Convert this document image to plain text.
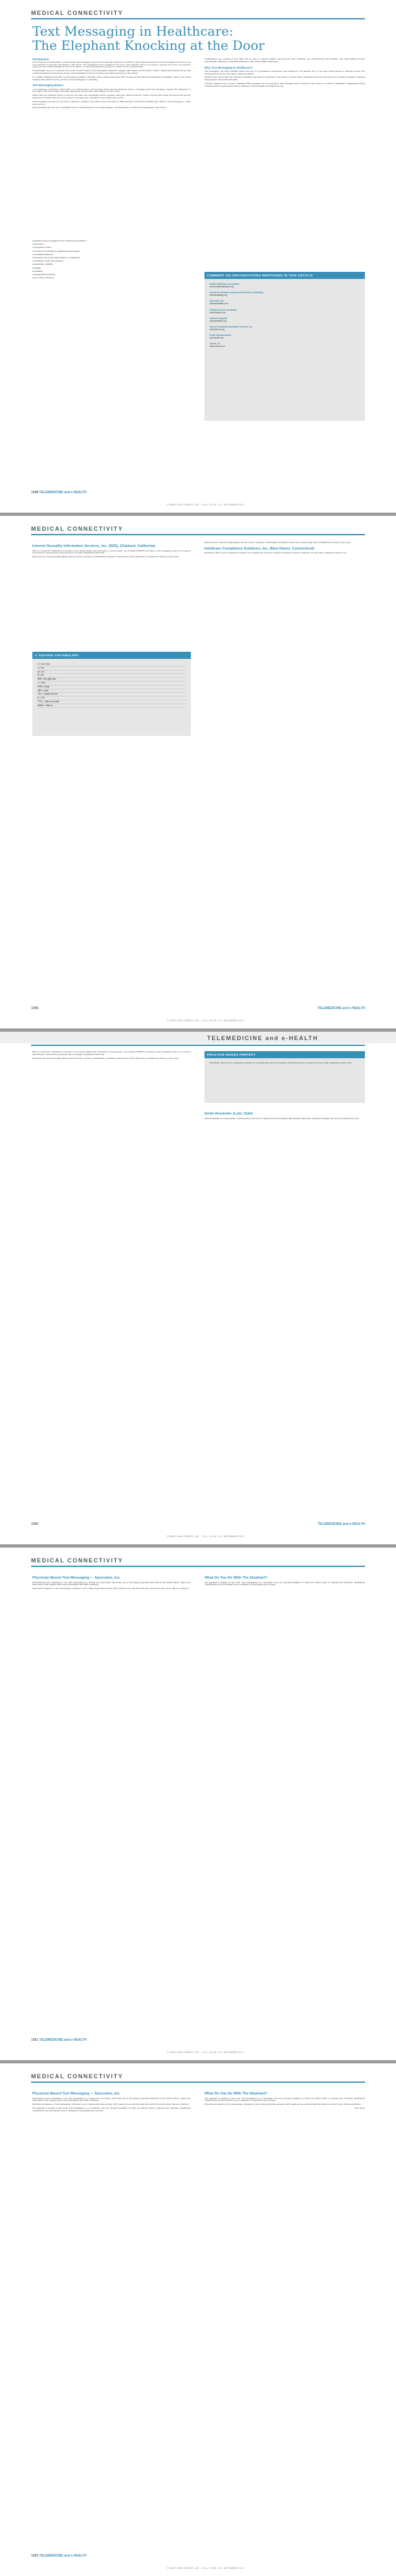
MEDICAL CONNECTIVITY
Text Messaging in Healthcare:
The Elephant Knocking at the Door
Introduction

As discussions of telemedicine, mobile health, and messaging, also more technically referred to as SMS for Short Message Service, find the elephant in the room, the one everybody is ignoring and afraid to talk about. Text messaging is the elephant in the room, and everyone knows it is trying to get into the room, but nobody's quite sure how it'll fit through the door, how big it is, or what exactly they're going to do with it once it gets through.

Consumerism, the U.S. to lead the rest of the world in terms of text messaging. Research company ABI, Kagan, and Forrester conduct studies that indicate the growth of text messaging across all age groups. Text messaging is the most widely used data application on the planet.

It is further estimated that 80% of the global population currently owns a mobile phone and 90% of those phones have text messaging capabilities. Here's one recent headline that stated how the growth of text messaging is continuing.

Text Messaging Basics

A text message, sometimes called SMS, is a communication protocol that allows mobile telephone users to exchange short text messages, usually 160 characters or less. SMS is the most widely used data application in the world, with billions of active users.

While there are different types of services, the basic text messaging service operates using the cellular network. Newer services have been developed that use the data network rather than the voice network, and these are considered more reliable and secure.

Text messaging can also be sent from computers, websites, and other sources through an SMS gateway. This allows hospitals and clinics to send messages to many users at once.

Text messaging has become a dominant form of communication across demographics, and healthcare providers are beginning to take notice.

Organizations are looking at how SMS can be used to improve health outcomes and how clinicians can communicate with patients. The opportunities include appointment reminders, medication adherence, and public health campaigns.

Why Text Messaging In Healthcare?

Text messaging can reach patients where they are. It is immediate, inexpensive, and ubiquitous. For patients who do not have smart phones or internet access, text messaging may be the only digital channel available.

Studies have shown that text message reminders can improve attendance and reduce no-show rates. Programs have been developed for smoking cessation, diabetes management, and maternal health.

Security remains a key concern. Standard SMS messages are not encrypted, and messages may be stored on the devices of carriers. Healthcare organizations must consider privacy requirements before sending protected health information by text.

■ Reached across demographic lines; underserved populations
■ Convenient
■ Inexpensive to send
■ Two-way communications; engagement opportunities
■ Immediately delivered
■ Sometimes, but not just dissemination or engagement
■ Immediacy of action and response
■ Measurable, trackable
■ Reliable
■ Probability
■ Geographical positioning
■ Very mobile; cell phone
COMMENT ON ORGANIZATIONS MENTIONED IN THIS ARTICLE
Mobile Healthcare Association
www.mobilehealthcare.org
Centers for Disease Control and Prevention Text4baby
www.text4baby.org
Epocrates, Inc.
www.epocrates.com
Infoline Services and Media
www.infoline.com
Imdreem Hospital
www.imdreem.org
Internet Sexuality Information Services, Inc.
www.isis-inc.org
Smith Parmaceuticals
www.smith.com
Voxiva, Inc.
www.voxiva.com
1048 TELEMEDICINE and e-HEALTH
© MARY ANN LIEBERT, INC. • VOL. 16 NO. 10 • DECEMBER 2010
MEDICAL CONNECTIVITY
Internet Sexuality Information Services, Inc. (ISIS), (Oakland, California)

ISIS is a nonprofit organization focusing on the sexual health and well-being of young people. Its program SEXINFO provides a text messaging service for teens in San Francisco that answers questions about sexually transmitted infections.

Responses are delivered immediately and the service operates confidentially. Evaluation results have shown high rates of satisfaction among young users.

A TEXTING VOCABULARY
2 = To or Two
4 = For
@ = At
B = Be
BRB = Be right back
C = See
GR8 = Great
L8R = Later
LOL = Laugh out loud
U = You
TTYL = Talk to you later
WAN2 = Want to

Responses are delivered immediately and the service operates confidentially. Evaluation results have shown high rates of satisfaction among young users.

Intellicare Compliance Solutions, Inc. (New Haven, Connecticut)

Intellicare offers secure messaging solutions for hospitals and practices, helping clinicians respond to patients via text using compliance-aware tools.

TELEMEDICINE and e-HEALTH
1049
© MARY ANN LIEBERT, INC. • VOL. 16 NO. 10 • DECEMBER 2010
TELEMEDICINE and e-HEALTH

ISIS is a nonprofit organization focusing on the sexual health and well-being of young people. Its program SEXINFO provides a text messaging service for teens in San Francisco that answers questions about sexually transmitted infections.

Responses are delivered immediately and the service operates confidentially. Evaluation results have shown high rates of satisfaction among young users.

PRACTICE MAKES PERFECT
Intellicare offers secure messaging solutions for hospitals and practices, helping clinicians respond to patients via text using compliance-aware tools.
Smile Reminder (Lehi, Utah)

Smile Reminder provides patient communication services for dental practices including appointment reminders, birthday messages, and surveys delivered by text.

TELEMEDICINE and e-HEALTH
1050
© MARY ANN LIEBERT, INC. • VOL. 16 NO. 10 • DECEMBER 2010
MEDICAL CONNECTIVITY
Physician-Based Text Messaging — Epocrates, Inc.

Physicians are also beginning to use text messaging as a clinical tool. Epocrates, which has one of the largest physician networks in the United States, offers text-based alerts and updates about drug information and safety warnings.

Physician acceptance of text messaging continues to grow. Many physicians already carry smart phones and find that text alerts fit well into their clinical workflows.

What Do You Do With The Elephant?

The elephant is already in the room. Text messaging is a convenient, low-cost, broadly available tool that can deliver value to patients and clinicians. Healthcare organizations should evaluate how to integrate it responsibly and securely.

1051 TELEMEDICINE and e-HEALTH
© MARY ANN LIEBERT, INC. • VOL. 16 NO. 10 • DECEMBER 2010
MEDICAL CONNECTIVITY
Physician-Based Text Messaging — Epocrates, Inc.

Physicians are also beginning to use text messaging as a clinical tool. Epocrates, which has one of the largest physician networks in the United States, offers text-based alerts and updates about drug information and safety warnings.

Physician acceptance of text messaging continues to grow. Many physicians already carry smart phones and find that text alerts fit well into their clinical workflows.

The elephant is already in the room. Text messaging is a convenient, low-cost, broadly available tool that can deliver value to patients and clinicians. Healthcare organizations should evaluate how to integrate it responsibly and securely.

What Do You Do With The Elephant?

The elephant is already in the room. Text messaging is a convenient, low-cost, broadly available tool that can deliver value to patients and clinicians. Healthcare organizations should evaluate how to integrate it responsibly and securely.

Physician acceptance of text messaging continues to grow. Many physicians already carry smart phones and find that text alerts fit well into their clinical workflows.

Alan Greig

1052 TELEMEDICINE and e-HEALTH
© MARY ANN LIEBERT, INC. • VOL. 16 NO. 10 • DECEMBER 2010
